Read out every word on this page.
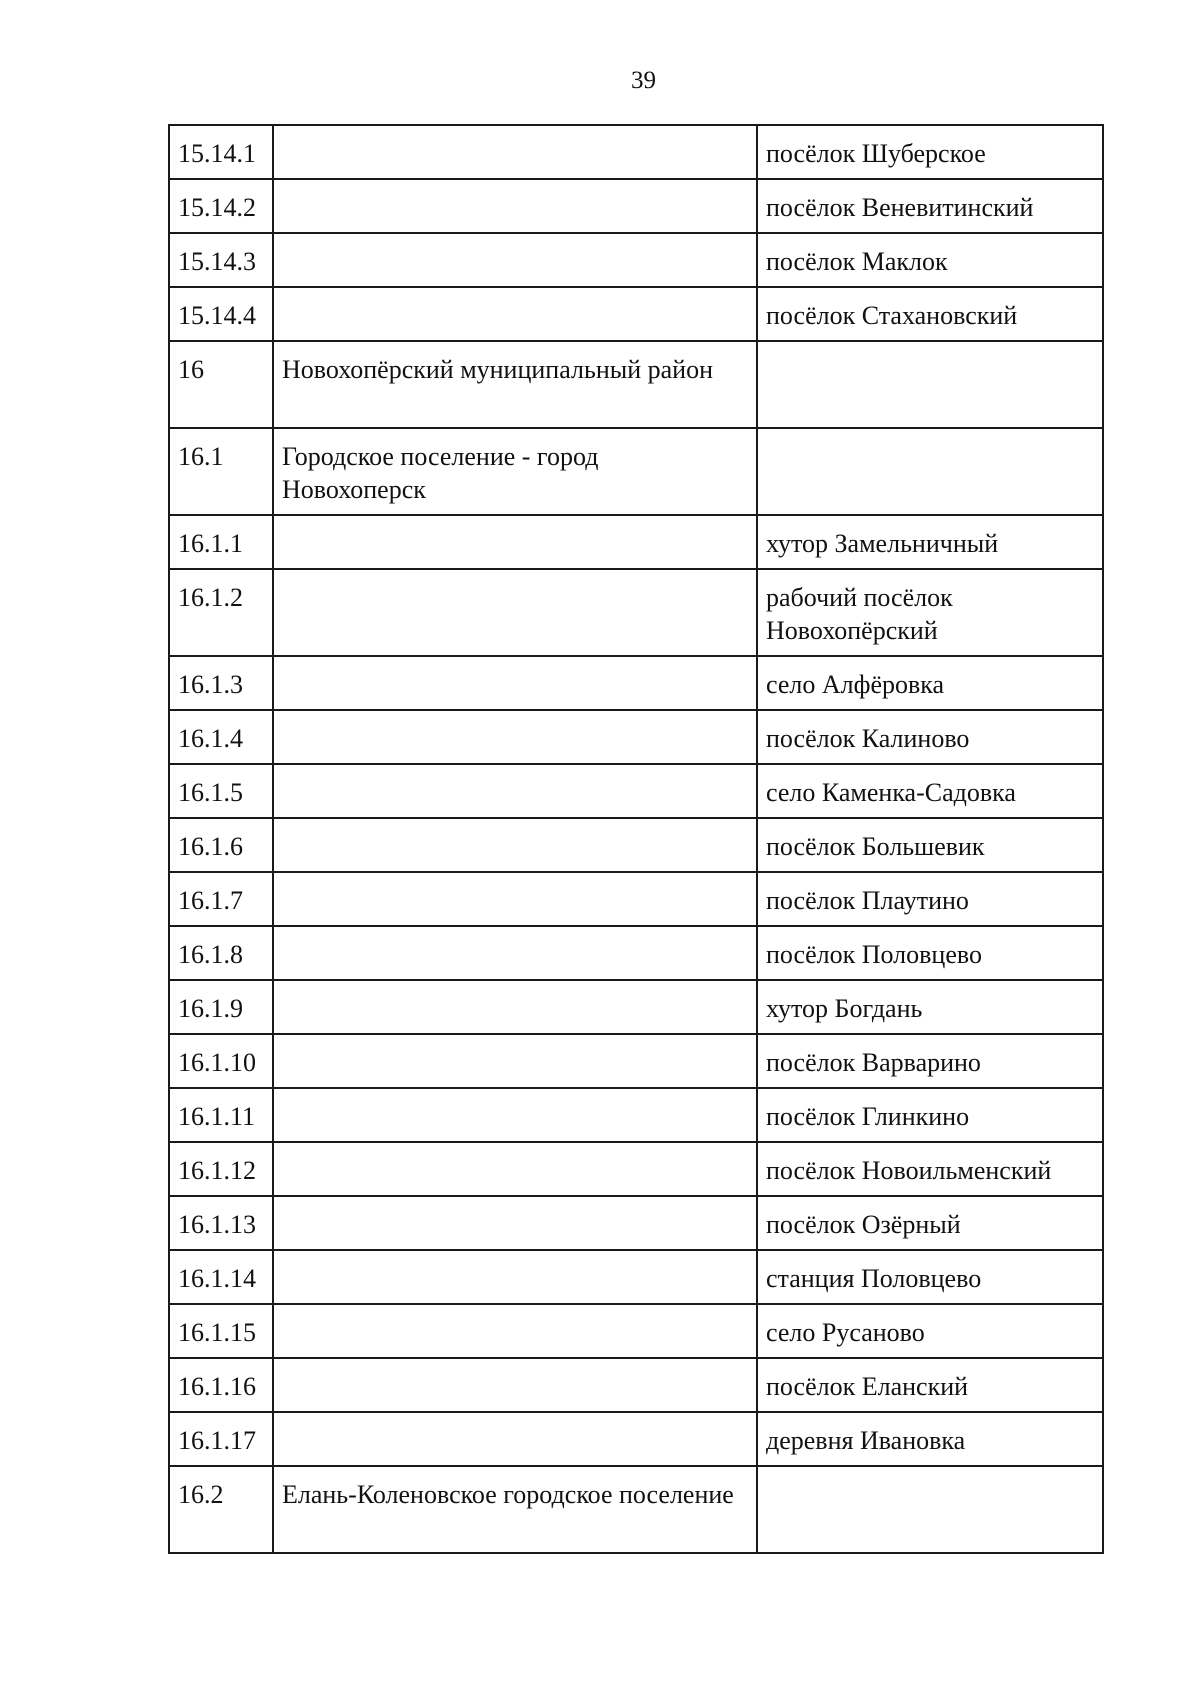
39
15.14.1		посёлок Шуберское
15.14.2		посёлок Веневитинский
15.14.3		посёлок Маклок
15.14.4		посёлок Стахановский
16	Новохопёрский муниципальный район	
16.1	Городское поселение - город Новохоперск	
16.1.1		хутор Замельничный
16.1.2		рабочий посёлок Новохопёрский
16.1.3		село Алфёровка
16.1.4		посёлок Калиново
16.1.5		село Каменка-Садовка
16.1.6		посёлок Большевик
16.1.7		посёлок Плаутино
16.1.8		посёлок Половцево
16.1.9		хутор Богдань
16.1.10		посёлок Варварино
16.1.11		посёлок Глинкино
16.1.12		посёлок Новоильменский
16.1.13		посёлок Озёрный
16.1.14		станция Половцево
16.1.15		село Русаново
16.1.16		посёлок Еланский
16.1.17		деревня Ивановка
16.2	Елань-Коленовское городское поселение	
